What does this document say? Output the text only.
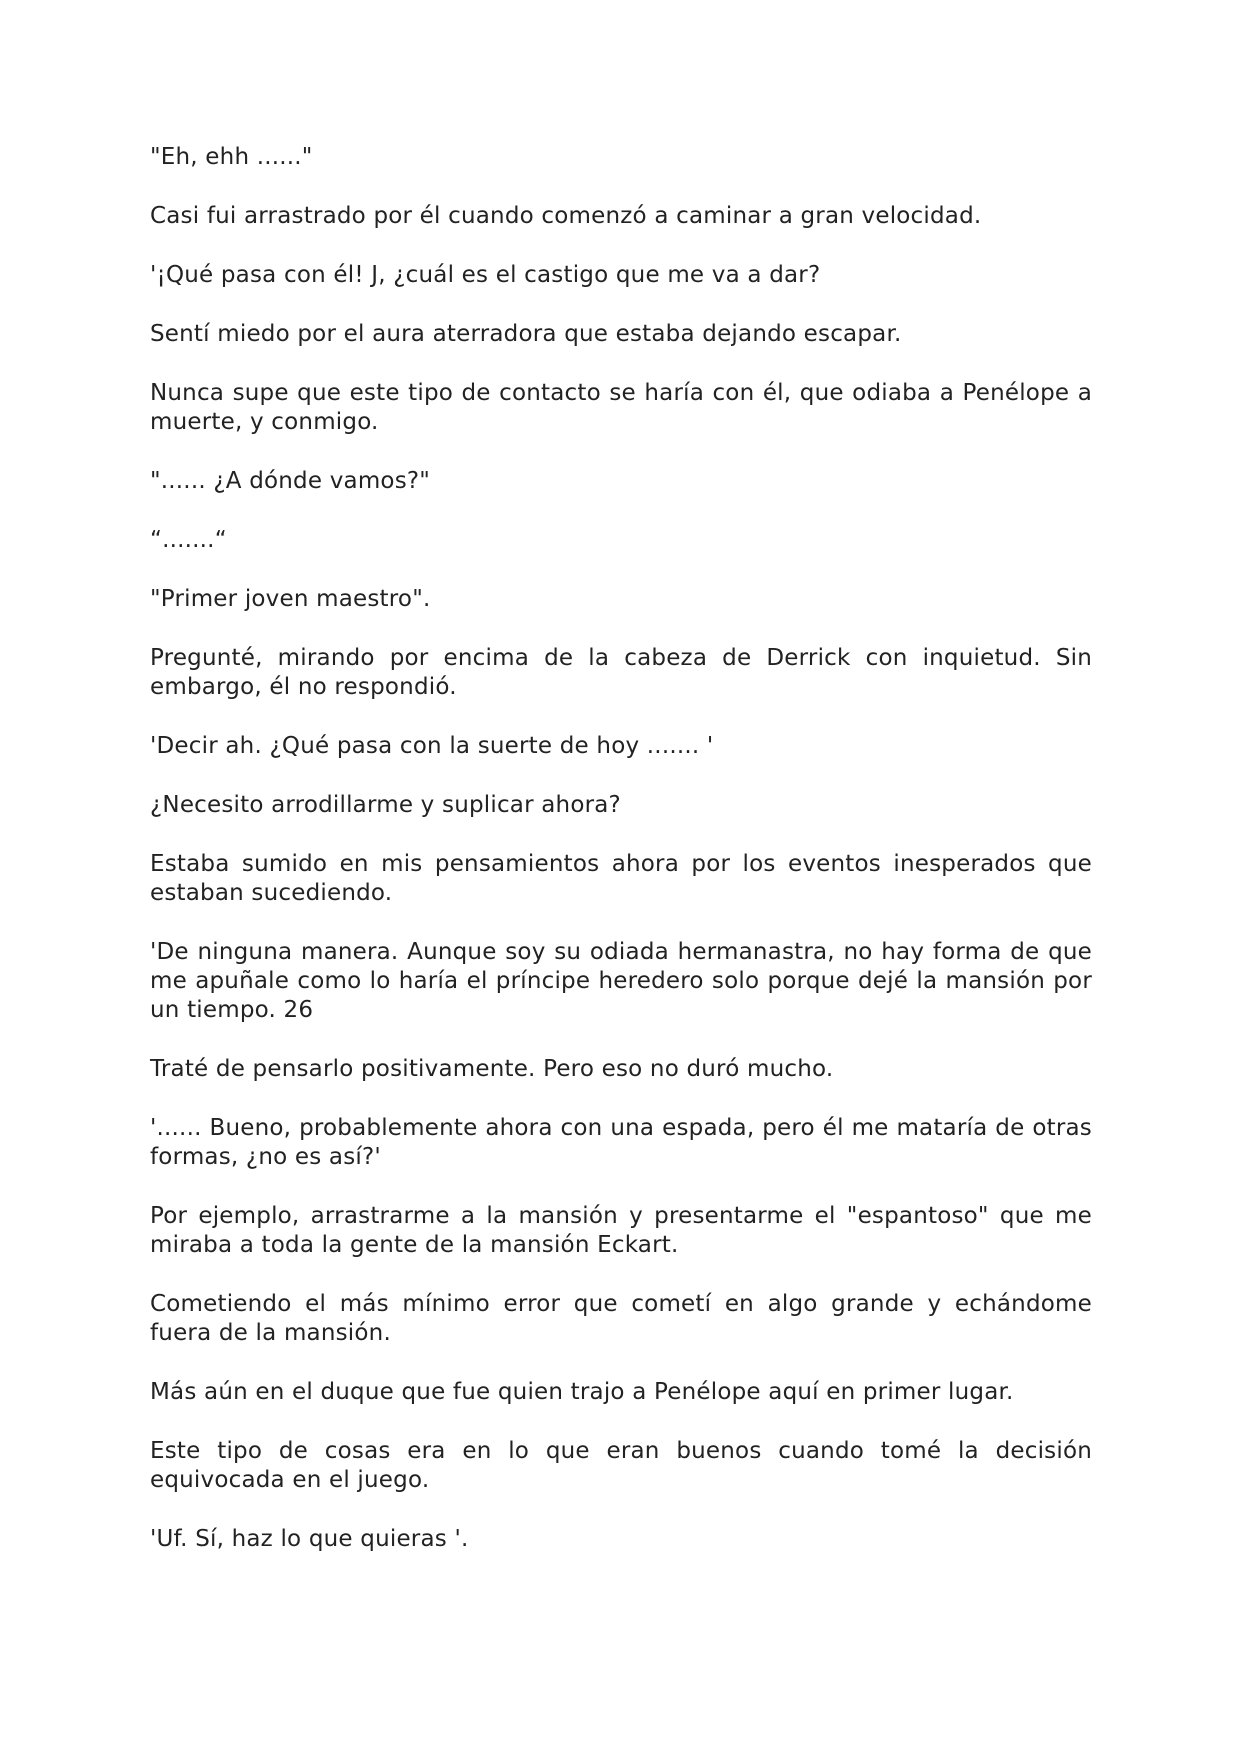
"Eh, ehh ......"

Casi fui arrastrado por él cuando comenzó a caminar a gran velocidad.

'¡Qué pasa con él! J, ¿cuál es el castigo que me va a dar?

Sentí miedo por el aura aterradora que estaba dejando escapar.

Nunca supe que este tipo de contacto se haría con él, que odiaba a Penélope a muerte, y conmigo.

"...... ¿A dónde vamos?"

“.......“

"Primer joven maestro".

Pregunté, mirando por encima de la cabeza de Derrick con inquietud. Sin embargo, él no respondió.

'Decir ah. ¿Qué pasa con la suerte de hoy ....... '

¿Necesito arrodillarme y suplicar ahora?

Estaba sumido en mis pensamientos ahora por los eventos inesperados que estaban sucediendo.

'De ninguna manera. Aunque soy su odiada hermanastra, no hay forma de que me apuñale como lo haría el príncipe heredero solo porque dejé la mansión por un tiempo. 26

Traté de pensarlo positivamente. Pero eso no duró mucho.

'...... Bueno, probablemente ahora con una espada, pero él me mataría de otras formas, ¿no es así?'

Por ejemplo, arrastrarme a la mansión y presentarme el "espantoso" que me miraba a toda la gente de la mansión Eckart.

Cometiendo el más mínimo error que cometí en algo grande y echándome fuera de la mansión.

Más aún en el duque que fue quien trajo a Penélope aquí en primer lugar.

Este tipo de cosas era en lo que eran buenos cuando tomé la decisión equivocada en el juego.

'Uf. Sí, haz lo que quieras '.
